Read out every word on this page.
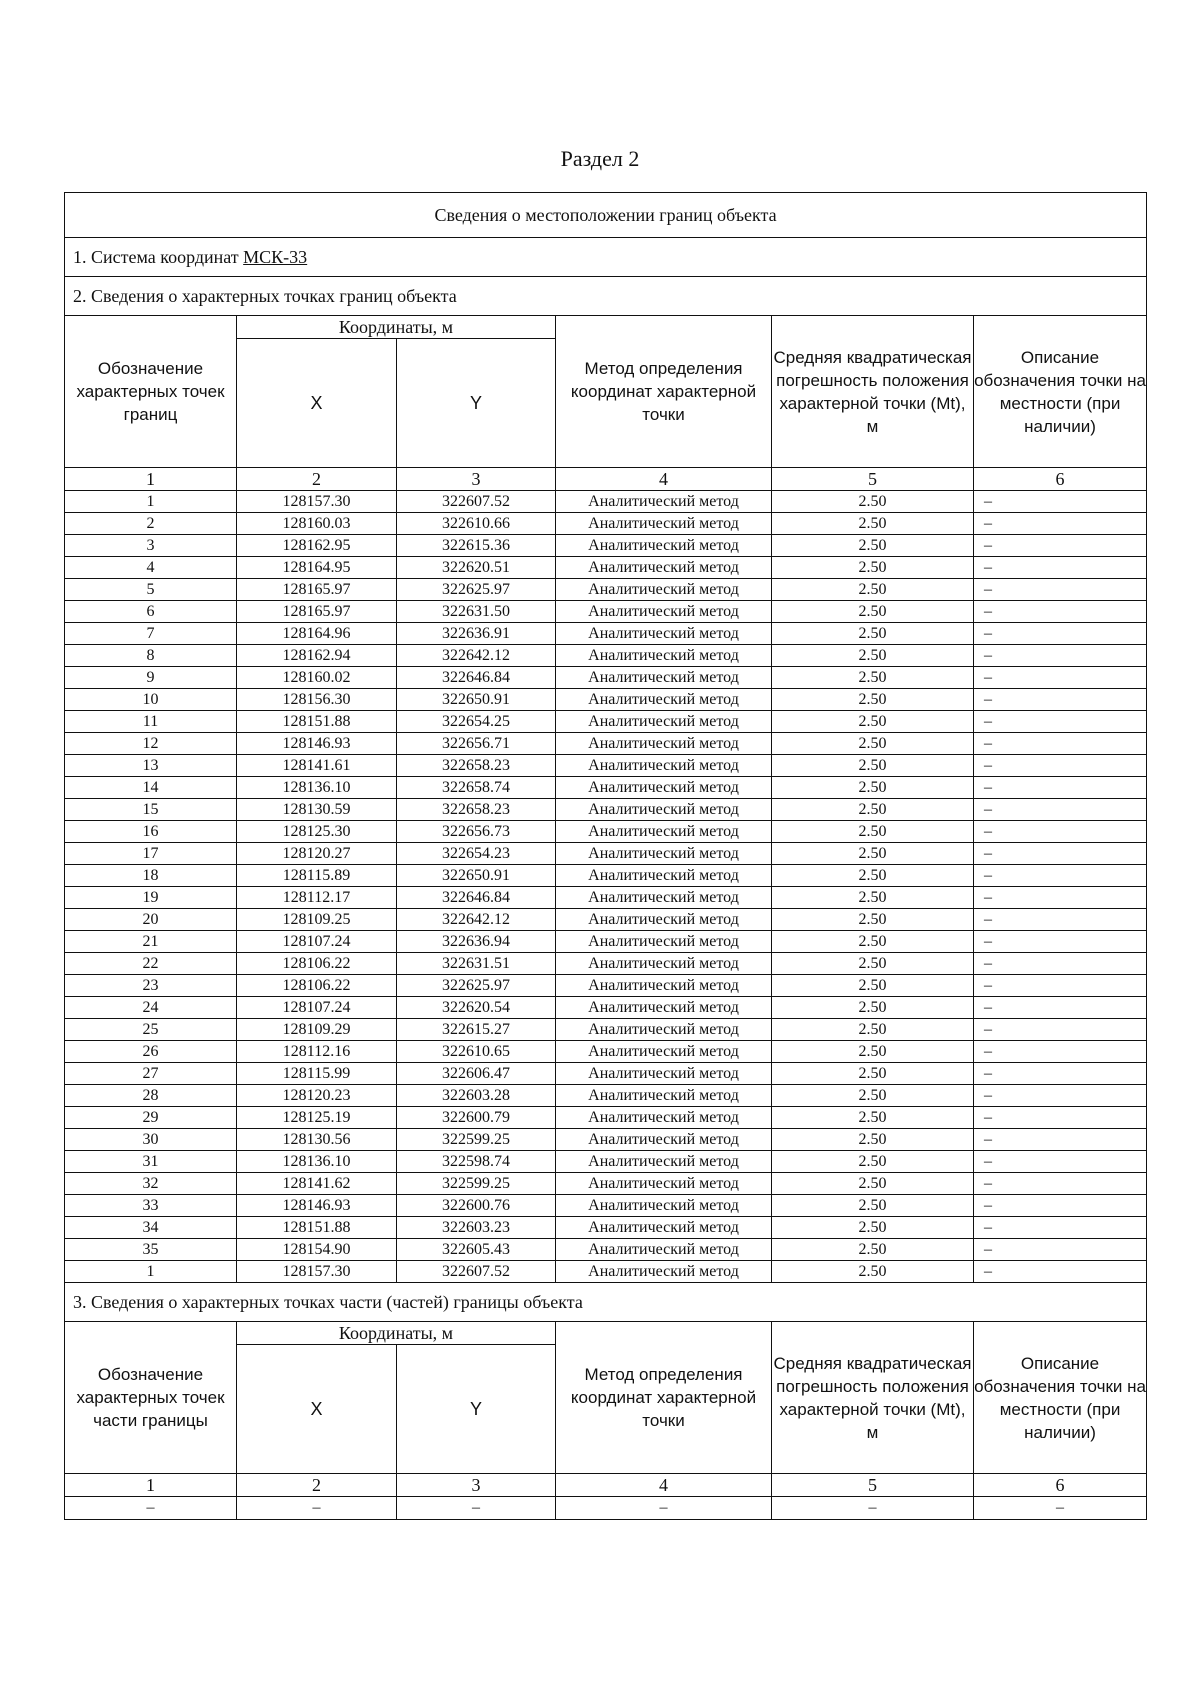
Раздел 2
Сведения о местоположении границ объекта					
1. Система координат МСК-33					
2. Сведения о характерных точках границ объекта					
Обозначение характерных точек границ	Координаты, м		Метод определения координат характерной точки	Средняя квадратическая погрешность положения характерной точки (Mt), м	Описание обозначения точки на местности (при наличии)
	X	Y			
1	2	3	4	5	6
1	128157.30	322607.52	Аналитический метод	2.50	–
2	128160.03	322610.66	Аналитический метод	2.50	–
3	128162.95	322615.36	Аналитический метод	2.50	–
4	128164.95	322620.51	Аналитический метод	2.50	–
5	128165.97	322625.97	Аналитический метод	2.50	–
6	128165.97	322631.50	Аналитический метод	2.50	–
7	128164.96	322636.91	Аналитический метод	2.50	–
8	128162.94	322642.12	Аналитический метод	2.50	–
9	128160.02	322646.84	Аналитический метод	2.50	–
10	128156.30	322650.91	Аналитический метод	2.50	–
11	128151.88	322654.25	Аналитический метод	2.50	–
12	128146.93	322656.71	Аналитический метод	2.50	–
13	128141.61	322658.23	Аналитический метод	2.50	–
14	128136.10	322658.74	Аналитический метод	2.50	–
15	128130.59	322658.23	Аналитический метод	2.50	–
16	128125.30	322656.73	Аналитический метод	2.50	–
17	128120.27	322654.23	Аналитический метод	2.50	–
18	128115.89	322650.91	Аналитический метод	2.50	–
19	128112.17	322646.84	Аналитический метод	2.50	–
20	128109.25	322642.12	Аналитический метод	2.50	–
21	128107.24	322636.94	Аналитический метод	2.50	–
22	128106.22	322631.51	Аналитический метод	2.50	–
23	128106.22	322625.97	Аналитический метод	2.50	–
24	128107.24	322620.54	Аналитический метод	2.50	–
25	128109.29	322615.27	Аналитический метод	2.50	–
26	128112.16	322610.65	Аналитический метод	2.50	–
27	128115.99	322606.47	Аналитический метод	2.50	–
28	128120.23	322603.28	Аналитический метод	2.50	–
29	128125.19	322600.79	Аналитический метод	2.50	–
30	128130.56	322599.25	Аналитический метод	2.50	–
31	128136.10	322598.74	Аналитический метод	2.50	–
32	128141.62	322599.25	Аналитический метод	2.50	–
33	128146.93	322600.76	Аналитический метод	2.50	–
34	128151.88	322603.23	Аналитический метод	2.50	–
35	128154.90	322605.43	Аналитический метод	2.50	–
1	128157.30	322607.52	Аналитический метод	2.50	–
3. Сведения о характерных точках части (частей) границы объекта					
Обозначение характерных точек части границы	Координаты, м		Метод определения координат характерной точки	Средняя квадратическая погрешность положения характерной точки (Mt), м	Описание обозначения точки на местности (при наличии)
	X	Y			
1	2	3	4	5	6
–	–	–	–	–	–
